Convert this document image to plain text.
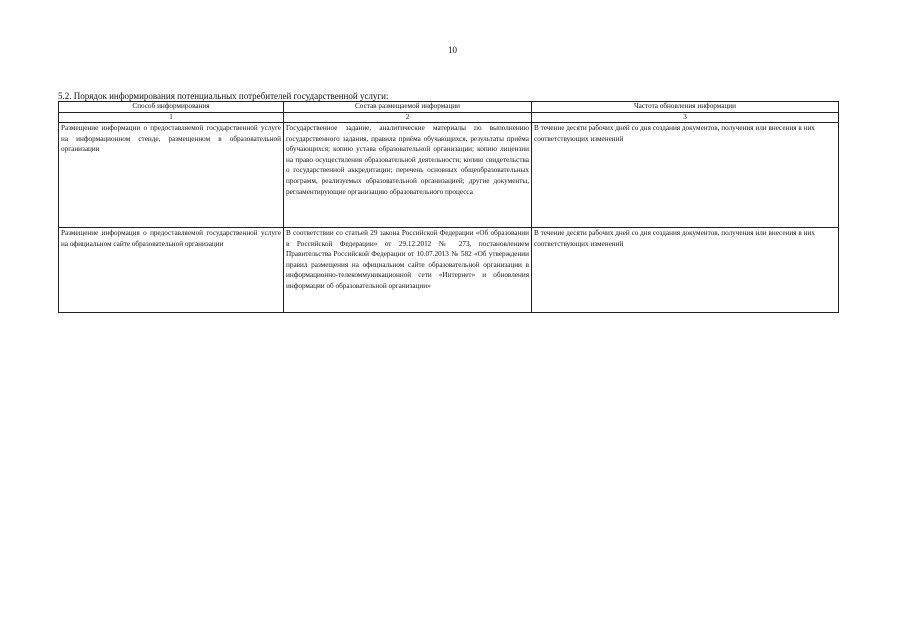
10
5.2. Порядок информирования потенциальных потребителей государственной услуги:
Способ информирования	Состав размещаемой информации	Частота обновления информации
1	2	3
Размещение информации о предоставляемой государственной услуге на информационном стенде, размещенном в образовательной организации	Государственное задание, аналитические материалы по выполнению государственного задания, правила приёма обучающихся, результаты приёма обучающихся; копию устава образовательной организации; копию лицензии на право осуществления образовательной деятельности; копию свидетельства о государственной аккредитации; перечень основных общеобразовательных программ, реализуемых образовательной организацией; другие документы, регламентирующие организацию образовательного процесса	В течение десяти рабочих дней со дня создания документов, получения или внесения в них соответствующих изменений
Размещение информация о предоставляемой государственной услуге на официальном сайте образовательной организации	В соответствии со статьей 29 закона Российской Федерации «Об образовании в Российской Федерации» от 29.12.2012 № 273, постановлением Правительства Российской Федерации от 10.07.2013 № 582 «Об утверждении правил размещения на официальном сайте образовательной организации в информационно-телекоммуникационной сети «Интернет» и обновления информации об образовательной организации»	В течение десяти рабочих дней со дня создания документов, получения или внесения в них соответствующих изменений
